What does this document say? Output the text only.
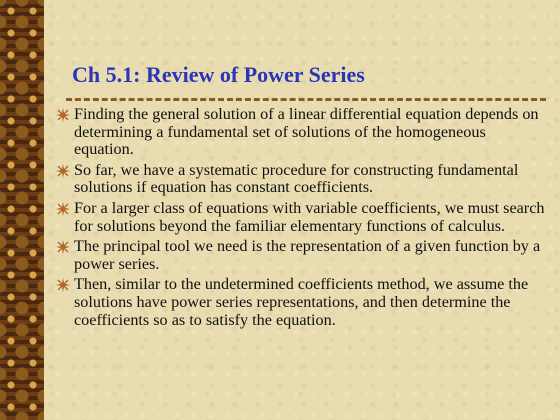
Ch 5.1: Review of Power Series
Finding the general solution of a linear differential equation depends on determining a fundamental set of solutions of the homogeneous equation.
So far, we have a systematic procedure for constructing fundamental solutions if equation has constant coefficients.
For a larger class of equations with variable coefficients, we must search for solutions beyond the familiar elementary functions of calculus.
The principal tool we need is the representation of a given function by a power series.
Then, similar to the undetermined coefficients method, we assume the solutions have power series representations, and then determine the coefficients so as to satisfy the equation.
